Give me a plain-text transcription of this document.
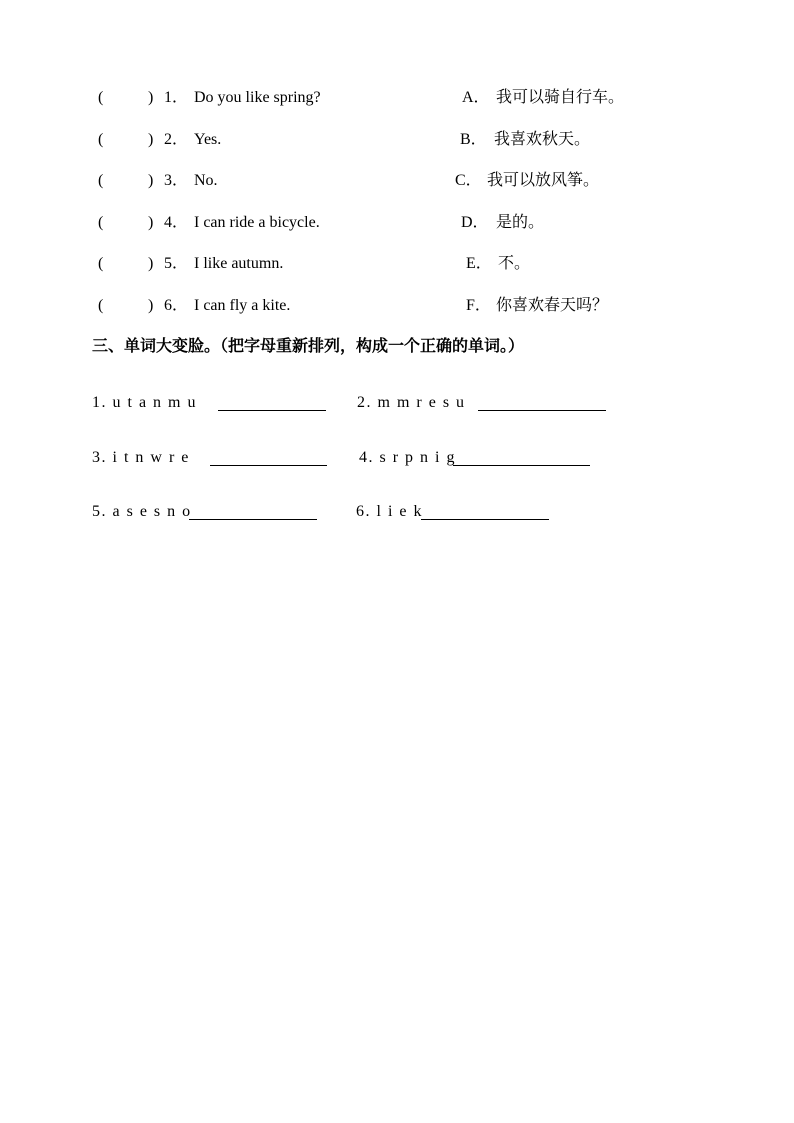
(	) 1． Do you like spring?	A． 我可以骑自行车。
(	) 2． Yes.	B． 我喜欢秋天。
(	) 3． No.	C． 我可以放风筝。
(	) 4． I can ride a bicycle.	D． 是的。
(	) 5． I like autumn.	E． 不。
(	) 6． I can fly a kite.	F． 你喜欢春天吗？
三、单词大变脸。（把字母重新排列，构成一个正确的单词。）
1. u t a n m u	2. m m r e s u
3. i t n w r e	4. s r p n i g
5. a s e s n o	6. l i e k
